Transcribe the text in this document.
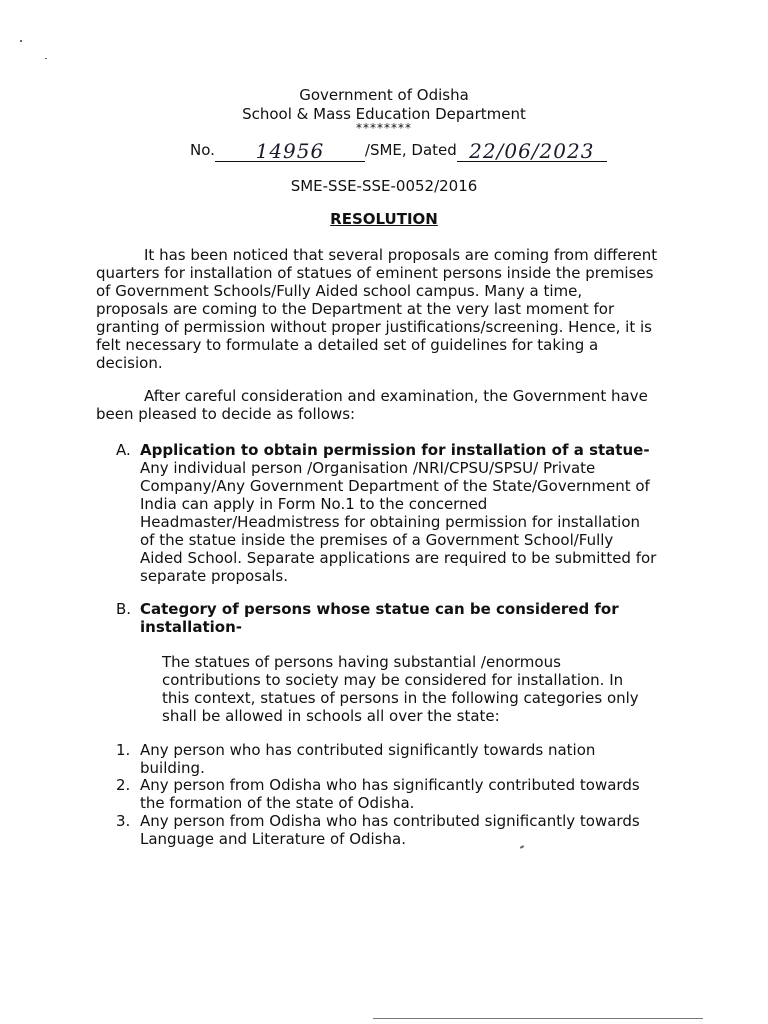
Government of Odisha
School & Mass Education Department
********
No. 14956	/SME, Dated 22/06/2023
SME-SSE-SSE-0052/2016
RESOLUTION
It has been noticed that several proposals are coming from different
quarters for installation of statues of eminent persons inside the premises
of Government Schools/Fully Aided school campus. Many a time,
proposals are coming to the Department at the very last moment for
granting of permission without proper justifications/screening. Hence, it is
felt necessary to formulate a detailed set of guidelines for taking a
decision.
After careful consideration and examination, the Government have
been pleased to decide as follows:
A. Application to obtain permission for installation of a statue-
Any individual person /Organisation /NRI/CPSU/SPSU/ Private
Company/Any Government Department of the State/Government of
India can apply in Form No.1 to the concerned
Headmaster/Headmistress for obtaining permission for installation
of the statue inside the premises of a Government School/Fully
Aided School. Separate applications are required to be submitted for
separate proposals.
B. Category of persons whose statue can be considered for
installation-
The statues of persons having substantial /enormous
contributions to society may be considered for installation. In
this context, statues of persons in the following categories only
shall be allowed in schools all over the state:
1. Any person who has contributed significantly towards nation
building.
2. Any person from Odisha who has significantly contributed towards
the formation of the state of Odisha.
3. Any person from Odisha who has contributed significantly towards
Language and Literature of Odisha.
